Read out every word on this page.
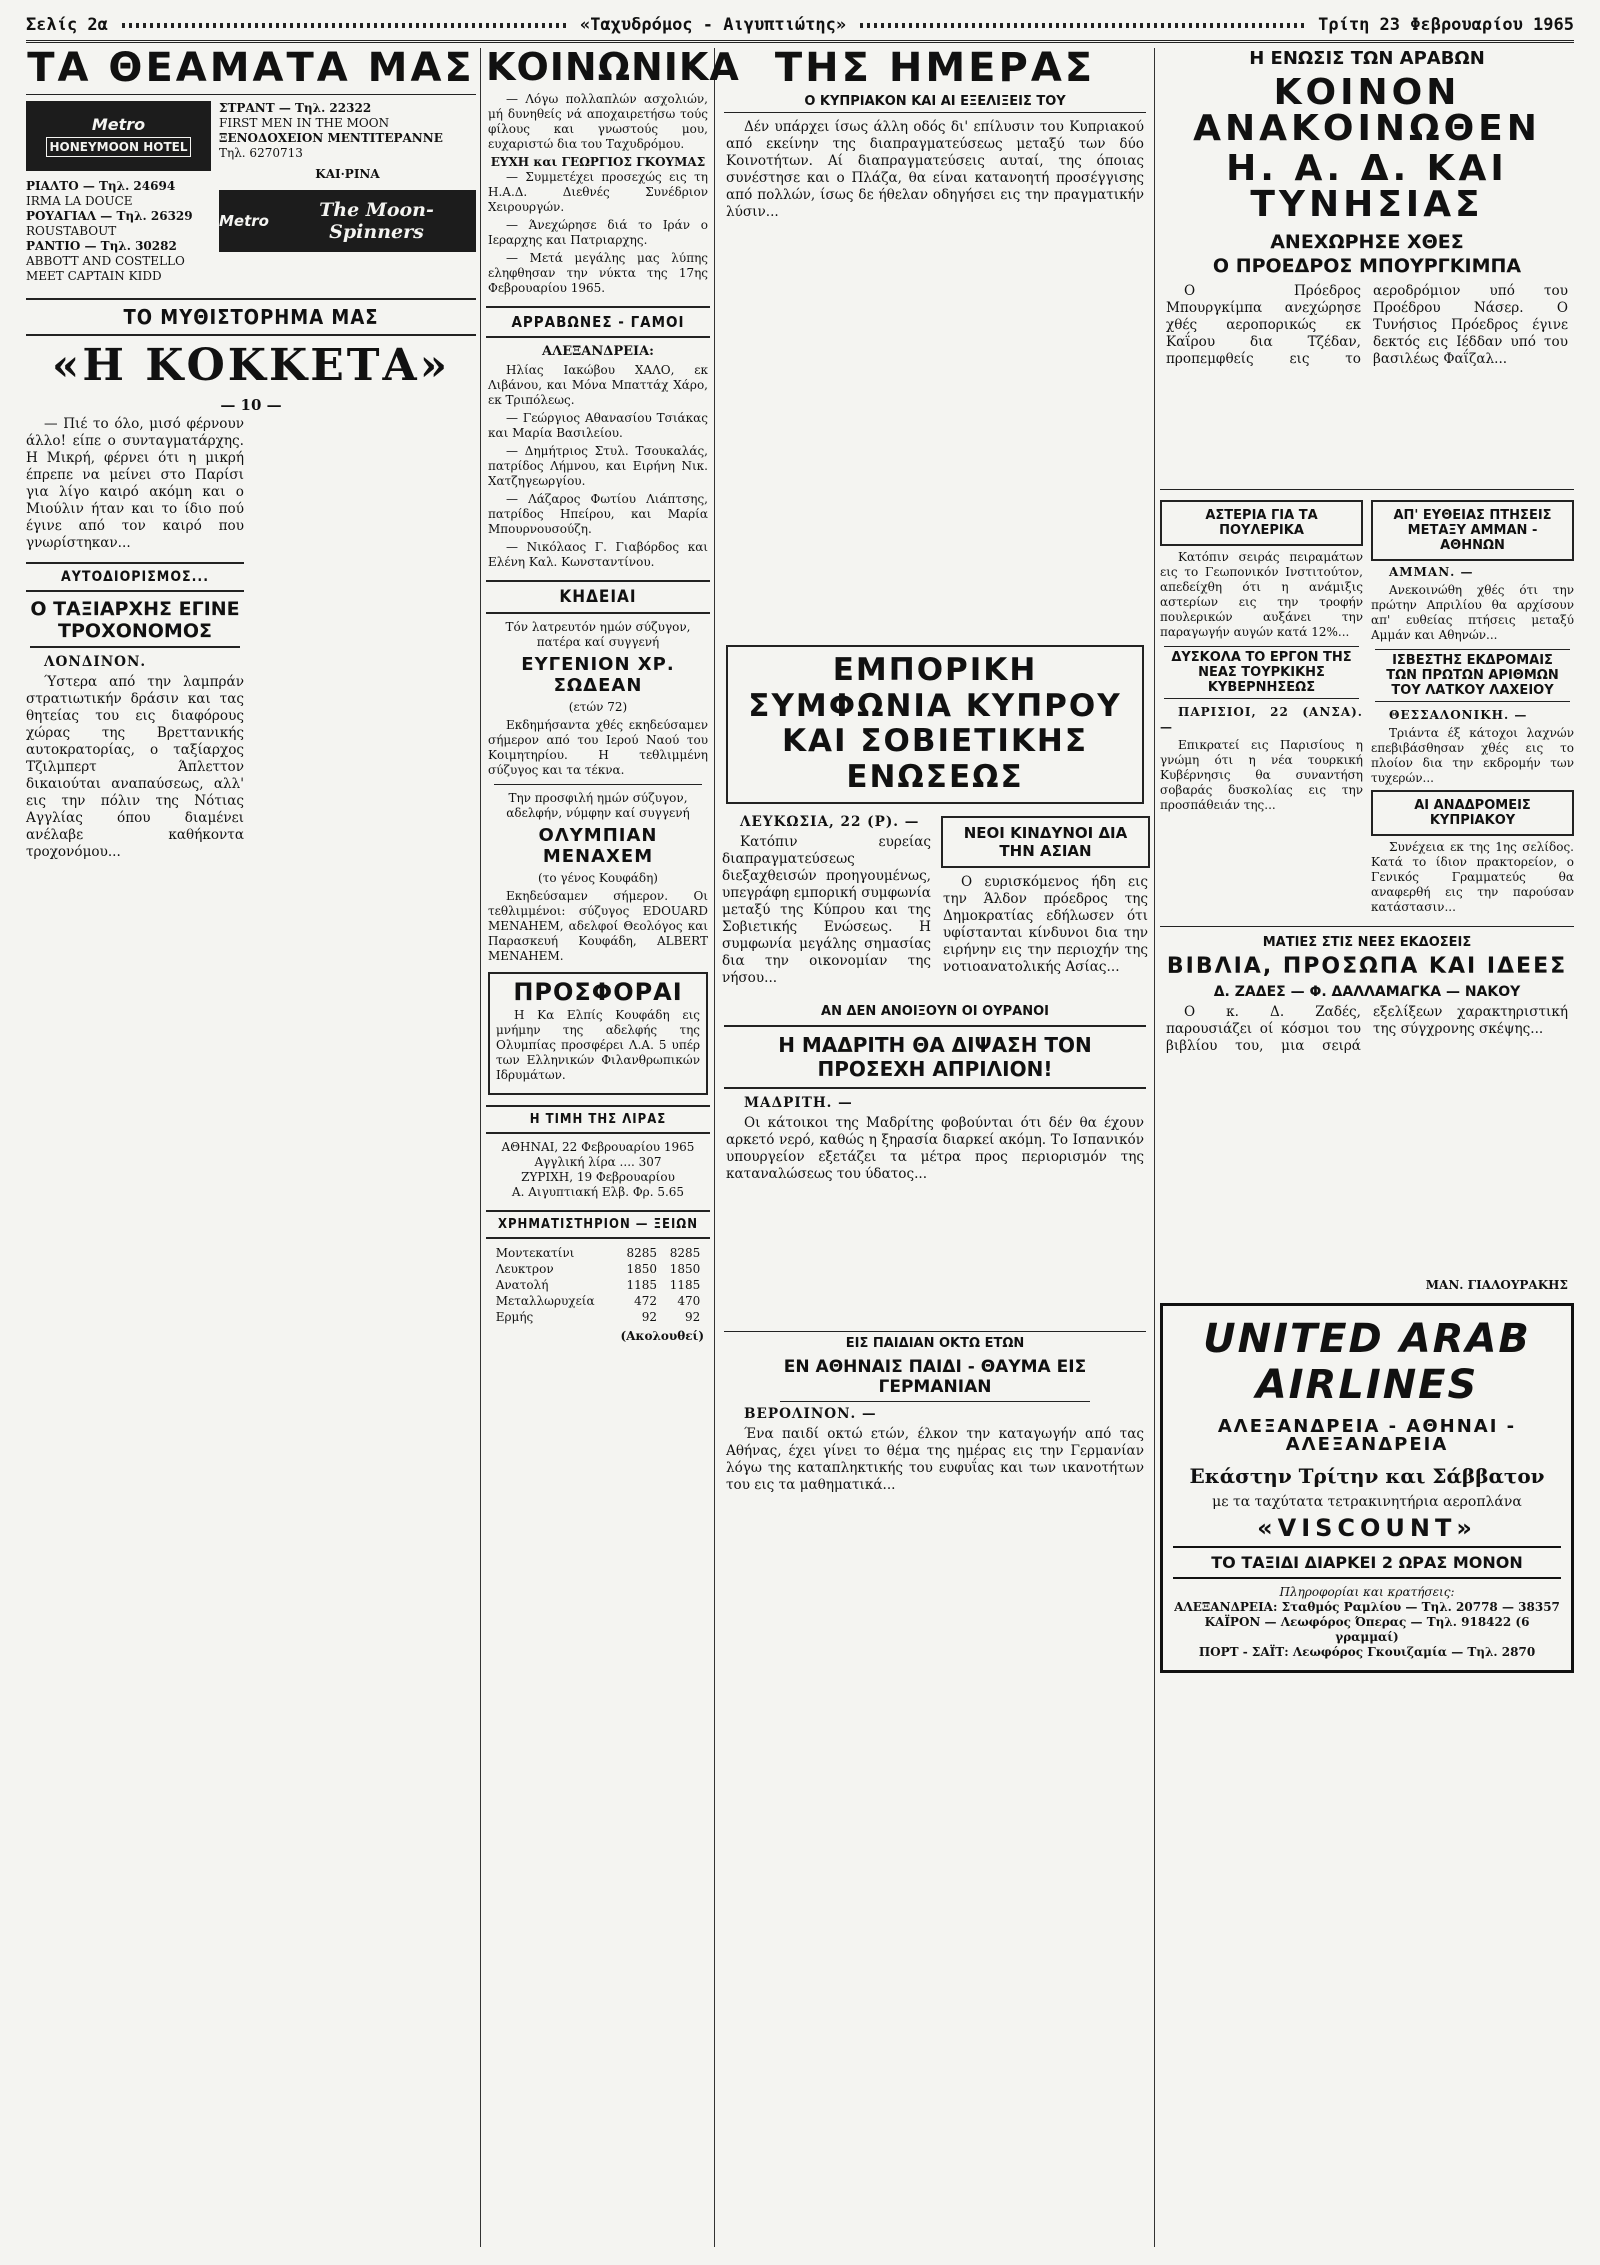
Σελίς 2α	«Ταχυδρόμος - Αιγυπτιώτης»	Τρίτη 23 Φεβρουαρίου 1965
ΤΑ ΘΕΑΜΑΤΑ ΜΑΣ
Metro
HONEYMOON HOTEL
ΡΙΑΛΤΟ — Τηλ. 24694
IRMA LA DOUCE
ΡΟΥΑΓΙΑΛ — Τηλ. 26329
ROUSTABOUT
ΡΑΝΤΙΟ — Τηλ. 30282
ABBOTT AND COSTELLO MEET CAPTAIN KIDD
ΣΤΡΑΝΤ — Τηλ. 22322
FIRST MEN IN THE MOON
ΞΕΝΟΔΟΧΕΙΟΝ ΜΕΝΤΙΤΕΡΑΝΝΕ
Τηλ. 6270713
ΚΑΙ·ΡΙΝΑ
Metro	The Moon-Spinners
ΤΟ ΜΥΘΙΣΤΟΡΗΜΑ ΜΑΣ
«Η ΚΟΚΚΕΤΑ»
— 10 —

— Πιέ το όλο, μισό φέρνουν άλλο! είπε ο συνταγματάρχης. Η Μικρή, φέρνει ότι η μικρή έπρεπε να μείνει στο Παρίσι για λίγο καιρό ακόμη και ο Μιούλιν ήταν και το ίδιο πού έγινε από τον καιρό που γνωρίστηκαν...

ΑΥΤΟΔΙΟΡΙΣΜΟΣ...
Ο ΤΑΞΙΑΡΧΗΣ ΕΓΙΝΕ ΤΡΟΧΟΝΟΜΟΣ

ΛΟΝΔΙΝΟΝ.

Ύστερα από την λαμπράν στρατιωτικήν δράσιν και τας θητείας του εις διαφόρους χώρας της Βρεττανικής αυτοκρατορίας, ο ταξίαρχος Τζιλμπερτ Άπλεττον δικαιούται αναπαύσεως, αλλ' εις την πόλιν της Νότιας Αγγλίας όπου διαμένει ανέλαβε καθήκοντα τροχονόμου...

ΚΟΙΝΩΝΙΚΑ

— Λόγω πολλαπλών ασχολιών, μή δυνηθείς νά αποχαιρετήσω τούς φίλους και γνωστούς μου, ευχαριστώ δια του Ταχυδρόμου.

ΕΥΧΗ και ΓΕΩΡΓΙΟΣ ΓΚΟΥΜΑΣ

— Συμμετέχει προσεχώς εις τη Η.Α.Δ. Διεθνές Συνέδριον Χειρουργών.

— Άνεχώρησε διά το Ιράν ο Ιεραρχης και Πατριαρχης.

— Μετά μεγάλης μας λύπης εληφθησαν την νύκτα της 17ης Φεβρουαρίου 1965.

ΑΡΡΑΒΩΝΕΣ - ΓΑΜΟΙ
ΑΛΕΞΑΝΔΡΕΙΑ:

Ηλίας Ιακώβου ΧΑΛΟ, εκ Λιβάνου, και Μόνα Μπαττάχ Χάρο, εκ Τριπόλεως.

— Γεώργιος Αθανασίου Τσιάκας και Μαρία Βασιλείου.

— Δημήτριος Στυλ. Τσουκαλάς, πατρίδος Λήμνου, και Ειρήνη Νικ. Χατζηγεωργίου.

— Λάζαρος Φωτίου Λιάπτσης, πατρίδος Ηπείρου, και Μαρία Μπουρνουσούζη.

— Νικόλαος Γ. Γιαβόρδος και Ελένη Καλ. Κωνσταντίνου.

ΚΗΔΕΙΑΙ
Τόν λατρευτόν ημών σύζυγον, πατέρα καί συγγενή
ΕΥΓΕΝΙΟΝ ΧΡ. ΣΩΔΕΑΝ
(ετών 72)

Εκδημήσαντα χθές εκηδεύσαμεν σήμερον από του Ιερού Ναού του Κοιμητηρίου. Η τεθλιμμένη σύζυγος και τα τέκνα.

Την προσφιλή ημών σύζυγον, αδελφήν, νύμφην καί συγγενή
ΟΛΥΜΠΙΑΝ ΜΕΝΑΧΕΜ
(το γένος Κουφάδη)

Εκηδεύσαμεν σήμερον. Οι τεθλιμμένοι: σύζυγος EDOUARD MENAHEM, αδελφοί Θεολόγος και Παρασκευή Κουφάδη, ALBERT MENAHEM.

ΠΡΟΣΦΟΡΑΙ

Η Κα Ελπίς Κουφάδη εις μνήμην της αδελφής της Ολυμπίας προσφέρει Λ.Α. 5 υπέρ των Ελληνικών Φιλανθρωπικών Ιδρυμάτων.

Η ΤΙΜΗ ΤΗΣ ΛΙΡΑΣ
ΑΘΗΝΑΙ, 22 Φεβρουαρίου 1965
Αγγλική λίρα .... 307
ΖΥΡΙΧΗ, 19 Φεβρουαρίου
Α. Αιγυπτιακή Ελβ. Φρ. 5.65
ΧΡΗΜΑΤΙΣΤΗΡΙΟΝ — ΞΕΙΩΝ
Μοντεκατίνι	8285	8285
Λευκτρον	1850	1850
Ανατολή	1185	1185
Μεταλλωρυχεία	472	470
Ερμής	92	92
(Ακολουθεί)
ΤΗΣ ΗΜΕΡΑΣ
Ο ΚΥΠΡΙΑΚΟΝ ΚΑΙ ΑΙ ΕΞΕΛΙΞΕΙΣ ΤΟΥ

Δέν υπάρχει ίσως άλλη οδός δι' επίλυσιν του Κυπριακού από εκείνην της διαπραγματεύσεως μεταξύ των δύο Κοινοτήτων. Αί διαπραγματεύσεις αυταί, της όποιας συνέστησε και ο Πλάζα, θα είναι κατανοητή προσέγγισης από πολλών, ίσως δε ήθελαν οδηγήσει εις την πραγματικήν λύσιν...

ΕΜΠΟΡΙΚΗ ΣΥΜΦΩΝΙΑ ΚΥΠΡΟΥ ΚΑΙ ΣΟΒΙΕΤΙΚΗΣ ΕΝΩΣΕΩΣ

ΛΕΥΚΩΣΙΑ, 22 (Ρ). —

Κατόπιν ευρείας διαπραγματεύσεως διεξαχθεισών προηγουμένως, υπεγράφη εμπορική συμφωνία μεταξύ της Κύπρου και της Σοβιετικής Ενώσεως. Η συμφωνία μεγάλης σημασίας δια την οικονομίαν της νήσου...

ΝΕΟΙ ΚΙΝΔΥΝΟΙ ΔΙΑ ΤΗΝ ΑΣΙΑΝ

Ο ευρισκόμενος ήδη εις την Άλδον πρόεδρος της Δημοκρατίας εδήλωσεν ότι υφίστανται κίνδυνοι δια την ειρήνην εις την περιοχήν της νοτιοανατολικής Ασίας...

ΑΝ ΔΕΝ ΑΝΟΙΞΟΥΝ ΟΙ ΟΥΡΑΝΟΙ
Η ΜΑΔΡΙΤΗ ΘΑ ΔΙΨΑΣΗ ΤΟΝ ΠΡΟΣΕΧΗ ΑΠΡΙΛΙΟΝ!

ΜΑΔΡΙΤΗ. —

Οι κάτοικοι της Μαδρίτης φοβούνται ότι δέν θα έχουν αρκετό νερό, καθώς η ξηρασία διαρκεί ακόμη. Το Ισπανικόν υπουργείον εξετάζει τα μέτρα προς περιορισμόν της καταναλώσεως του ύδατος...

ΕΙΣ ΠΑΙΔΙΑΝ ΟΚΤΩ ΕΤΩΝ
ΕΝ ΑΘΗΝΑΙΣ ΠΑΙΔΙ - ΘΑΥΜΑ ΕΙΣ ΓΕΡΜΑΝΙΑΝ

ΒΕΡΟΛΙΝΟΝ. —

Ένα παιδί οκτώ ετών, έλκον την καταγωγήν από τας Αθήνας, έχει γίνει το θέμα της ημέρας εις την Γερμανίαν λόγω της καταπληκτικής του ευφυΐας και των ικανοτήτων του εις τα μαθηματικά...

Η ΕΝΩΣΙΣ ΤΩΝ ΑΡΑΒΩΝ
ΚΟΙΝΟΝ ΑΝΑΚΟΙΝΩΘΕΝ
Η. Α. Δ. ΚΑΙ ΤΥΝΗΣΙΑΣ
ΑΝΕΧΩΡΗΣΕ ΧΘΕΣ
Ο ΠΡΟΕΔΡΟΣ ΜΠΟΥΡΓΚΙΜΠΑ

Ο Πρόεδρος Μπουργκίμπα ανεχώρησε χθές αεροπορικώς εκ Καΐρου δια Τζέδαν, προπεμφθείς εις το αεροδρόμιον υπό του Προέδρου Νάσερ. Ο Τυνήσιος Πρόεδρος έγινε δεκτός εις Ιέδδαν υπό του βασιλέως Φαΐζαλ...

ΑΣΤΕΡΙΑ ΓΙΑ ΤΑ ΠΟΥΛΕΡΙΚΑ

Κατόπιν σειράς πειραμάτων εις το Γεωπονικόν Ινστιτούτον, απεδείχθη ότι η ανάμιξις αστερίων εις την τροφήν πουλερικών αυξάνει την παραγωγήν αυγών κατά 12%...

ΔΥΣΚΟΛΑ ΤΟ ΕΡΓΟΝ ΤΗΣ ΝΕΑΣ ΤΟΥΡΚΙΚΗΣ ΚΥΒΕΡΝΗΣΕΩΣ

ΠΑΡΙΣΙΟΙ, 22 (ΑΝΣΑ). —

Επικρατεί εις Παρισίους η γνώμη ότι η νέα τουρκική Κυβέρνησις θα συναντήση σοβαράς δυσκολίας εις την προσπάθειάν της...

ΑΠ' ΕΥΘΕΙΑΣ ΠΤΗΣΕΙΣ ΜΕΤΑΞΥ ΑΜΜΑΝ - ΑΘΗΝΩΝ

ΑΜΜΑΝ. —

Ανεκοινώθη χθές ότι την πρώτην Απριλίου θα αρχίσουν απ' ευθείας πτήσεις μεταξύ Αμμάν και Αθηνών...

ΙΣΒΕΣΤΗΣ ΕΚΔΡΟΜΑΙΣ ΤΩΝ ΠΡΩΤΩΝ ΑΡΙΘΜΩΝ ΤΟΥ ΛΑΤΚΟΥ ΛΑΧΕΙΟΥ

ΘΕΣΣΑΛΟΝΙΚΗ. —

Τριάντα έξ κάτοχοι λαχνών επεβιβάσθησαν χθές εις το πλοίον δια την εκδρομήν των τυχερών...

ΑΙ ΑΝΑΔΡΟΜΕΙΣ ΚΥΠΡΙΑΚΟΥ

Συνέχεια εκ της 1ης σελίδος. Κατά το ίδιον πρακτορείον, ο Γενικός Γραμματεύς θα αναφερθή εις την παρούσαν κατάστασιν...

ΜΑΤΙΕΣ ΣΤΙΣ ΝΕΕΣ ΕΚΔΟΣΕΙΣ
ΒΙΒΛΙΑ, ΠΡΟΣΩΠΑ ΚΑΙ ΙΔΕΕΣ
Δ. ΖΑΔΕΣ — Φ. ΔΑΛΛΑΜΑΓΚΑ — ΝΑΚΟΥ

Ο κ. Δ. Ζαδές, παρουσιάζει οί κόσμοι του βιβλίου του, μια σειρά εξελίξεων χαρακτηριστική της σύγχρονης σκέψης...

ΜΑΝ. ΓΙΑΛΟΥΡΑΚΗΣ
UNITED ARAB AIRLINES
ΑΛΕΞΑΝΔΡΕΙΑ - ΑΘΗΝΑΙ - ΑΛΕΞΑΝΔΡΕΙΑ
Εκάστην Τρίτην και Σάββατον
με τα ταχύτατα τετρακινητήρια αεροπλάνα
«VISCOUNT»
ΤΟ ΤΑΞΙΔΙ ΔΙΑΡΚΕΙ 2 ΩΡΑΣ ΜΟΝΟΝ
Πληροφορίαι και κρατήσεις:
ΑΛΕΞΑΝΔΡΕΙΑ: Σταθμός Ραμλίου — Τηλ. 20778 — 38357
ΚΑΪΡΟΝ — Λεωφόρος Όπερας — Τηλ. 918422 (6 γραμμαί)
ΠΟΡΤ - ΣΑΪΤ: Λεωφόρος Γκουιζαμία — Τηλ. 2870
